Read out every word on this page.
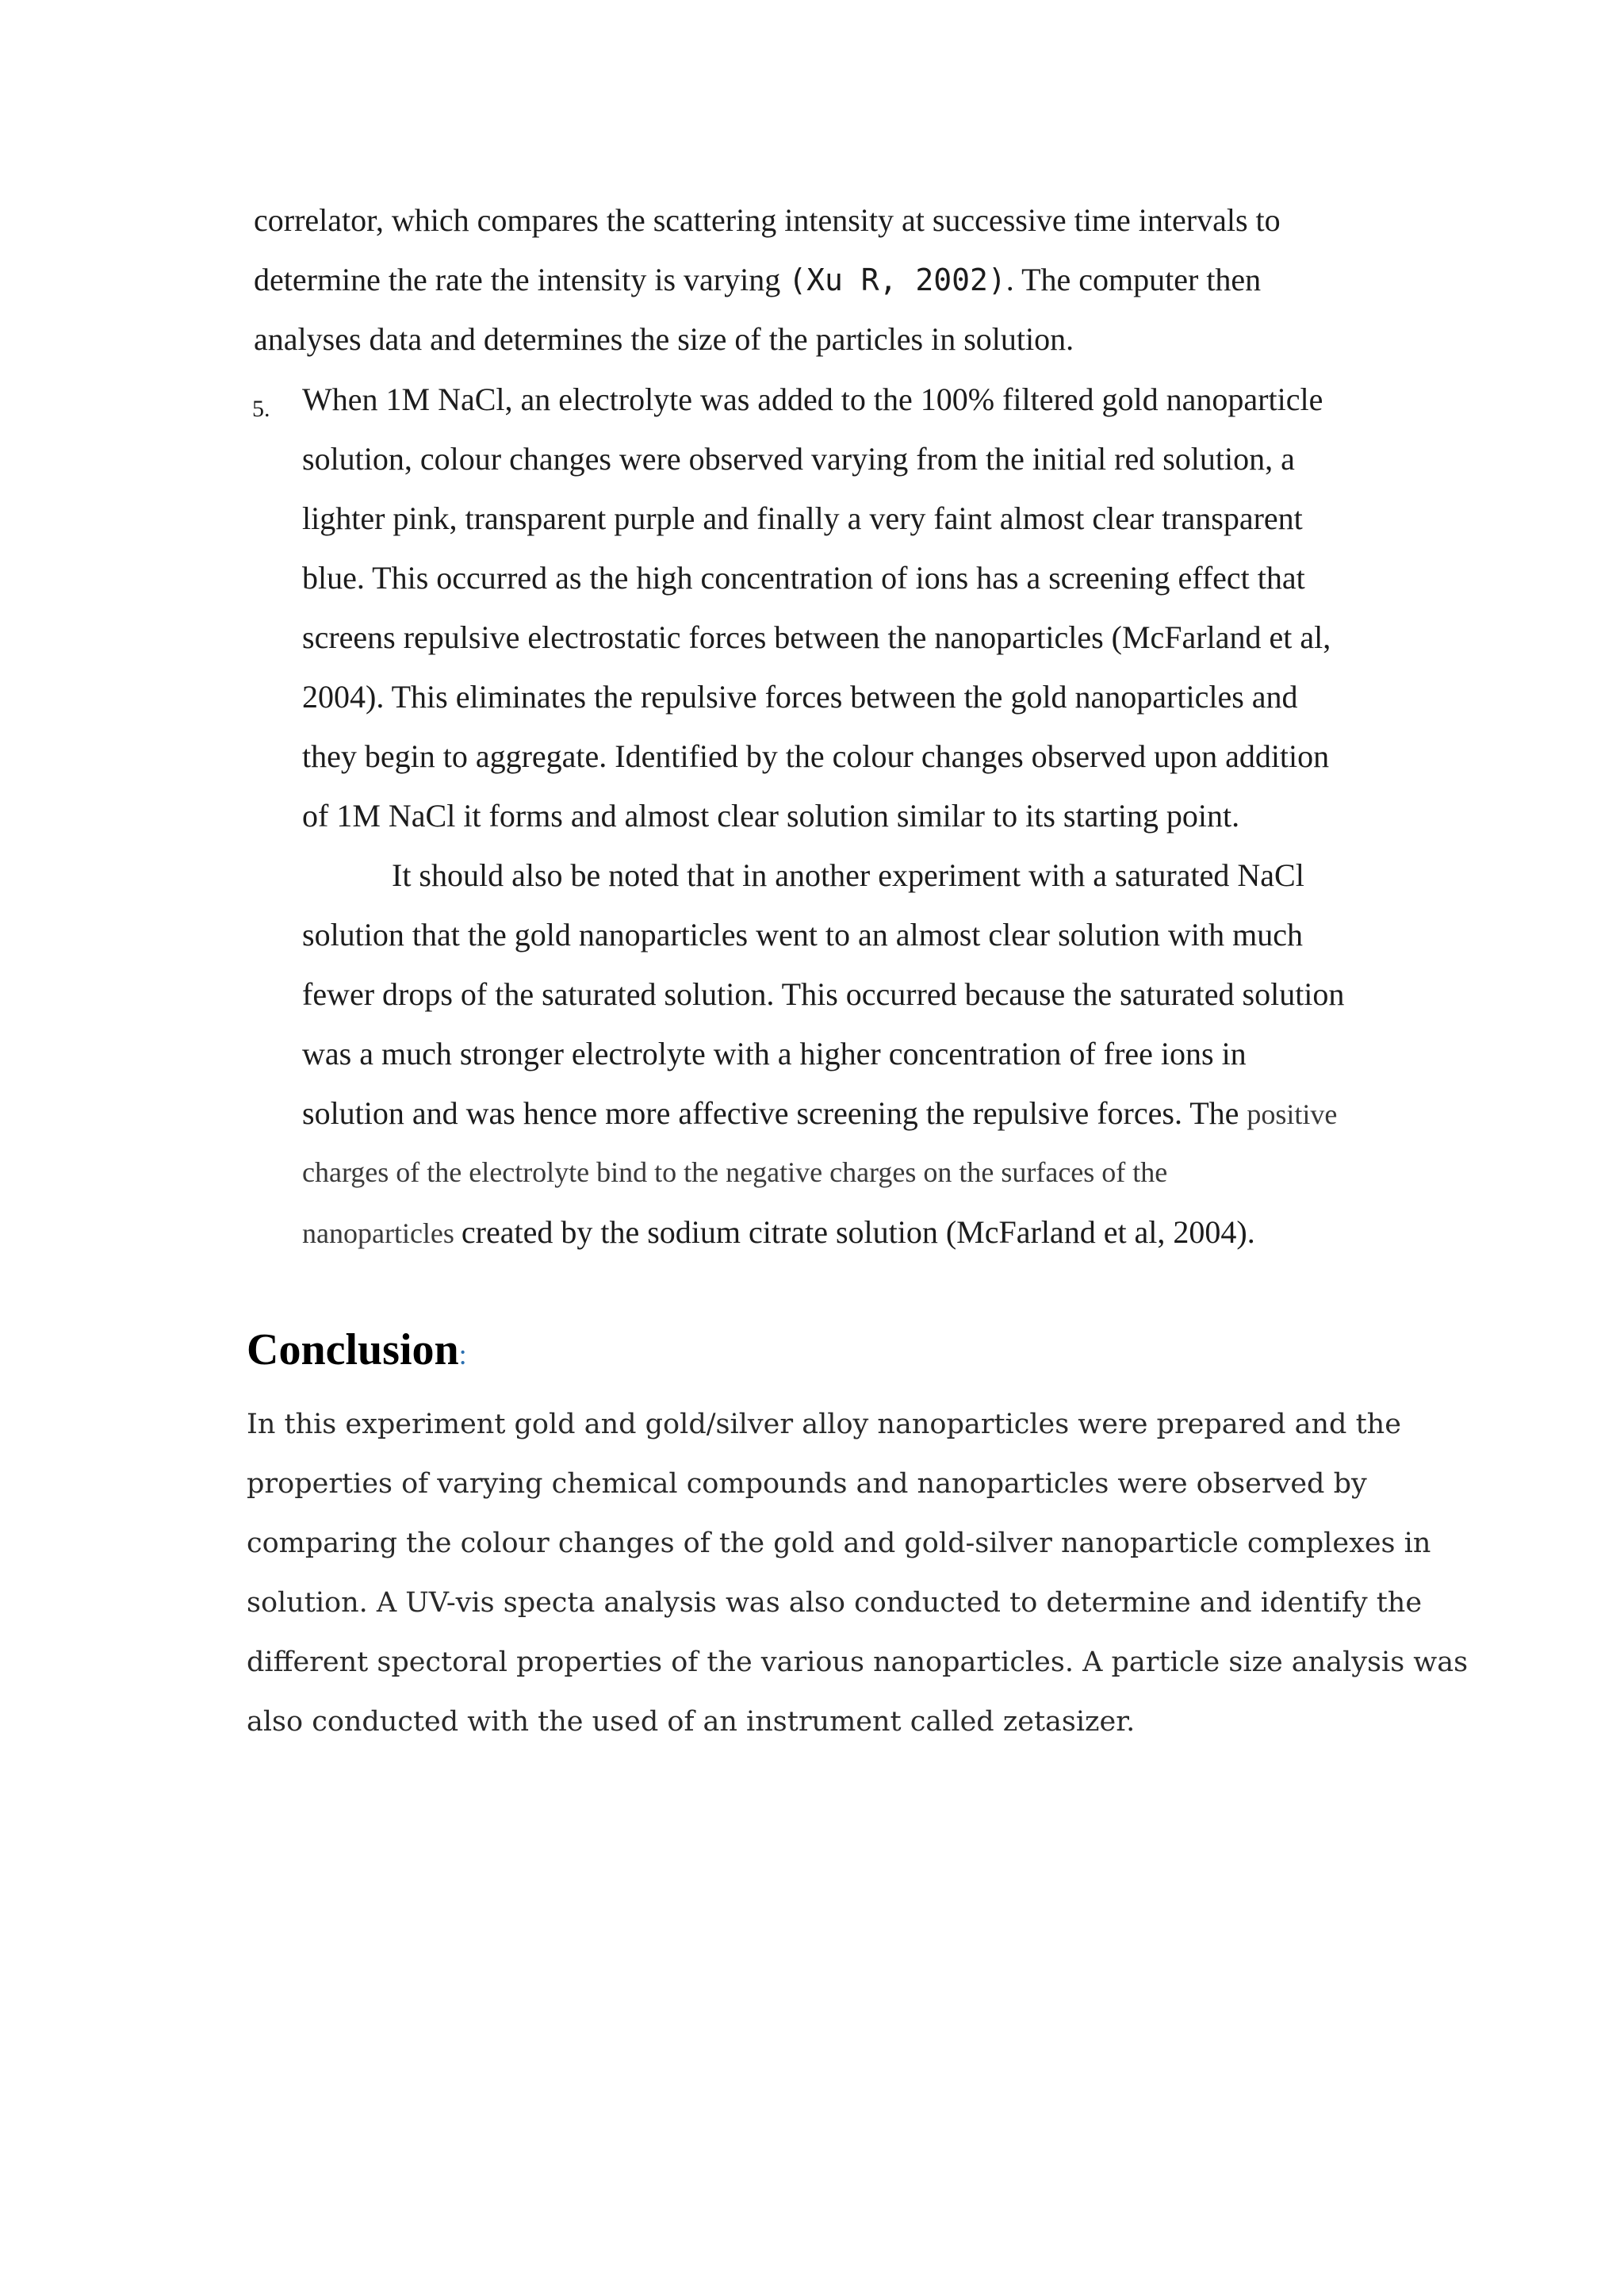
correlator, which compares the scattering intensity at successive time intervals to
determine the rate the intensity is varying (Xu R, 2002). The computer then
analyses data and determines the size of the particles in solution.
5. When 1M NaCl, an electrolyte was added to the 100% filtered gold nanoparticle
solution, colour changes were observed varying from the initial red solution, a
lighter pink, transparent purple and finally a very faint almost clear transparent
blue. This occurred as the high concentration of ions has a screening effect that
screens repulsive electrostatic forces between the nanoparticles (McFarland et al,
2004). This eliminates the repulsive forces between the gold nanoparticles and
they begin to aggregate. Identified by the colour changes observed upon addition
of 1M NaCl it forms and almost clear solution similar to its starting point.
It should also be noted that in another experiment with a saturated NaCl
solution that the gold nanoparticles went to an almost clear solution with much
fewer drops of the saturated solution. This occurred because the saturated solution
was a much stronger electrolyte with a higher concentration of free ions in
solution and was hence more affective screening the repulsive forces. The positive
charges of the electrolyte bind to the negative charges on the surfaces of the
nanoparticles created by the sodium citrate solution (McFarland et al, 2004).
Conclusion:
In this experiment gold and gold/silver alloy nanoparticles were prepared and the
properties of varying chemical compounds and nanoparticles were observed by
comparing the colour changes of the gold and gold-silver nanoparticle complexes in
solution. A UV-vis specta analysis was also conducted to determine and identify the
different spectoral properties of the various nanoparticles. A particle size analysis was
also conducted with the used of an instrument called zetasizer.
